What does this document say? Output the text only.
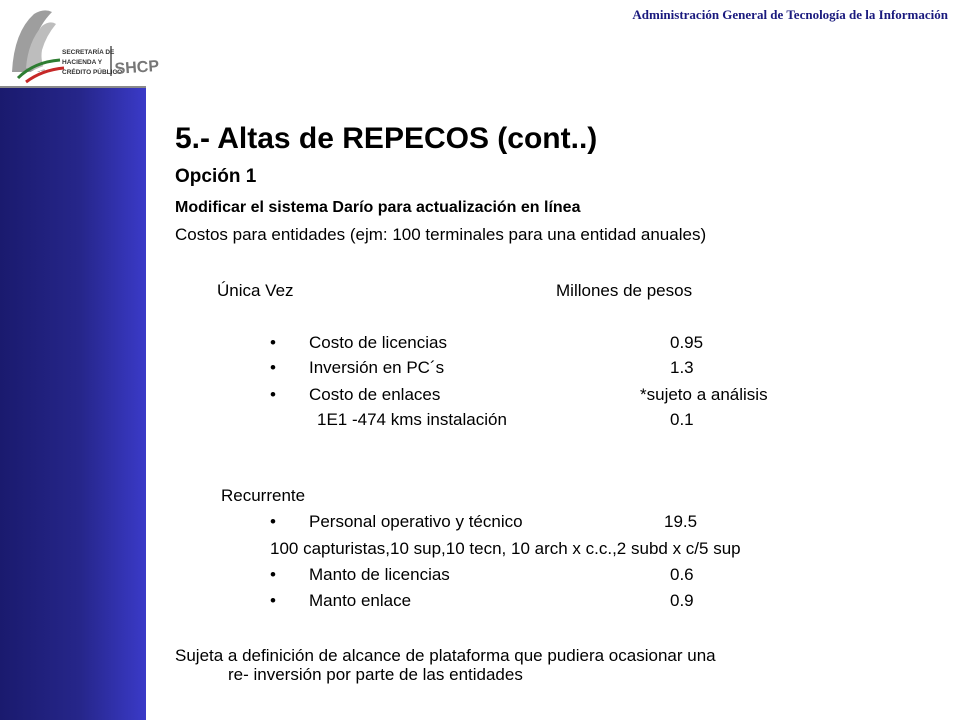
SECRETARÍA DE
HACIENDA Y
CRÉDITO PÚBLICO
SHCP
Administración General de Tecnología de la Información
5.- Altas de REPECOS (cont..)
Opción 1
Modificar el sistema Darío para actualización en línea
Costos para entidades (ejm: 100 terminales para una entidad anuales)
Única Vez	Millones de pesos
• Costo de licencias	0.95
• Inversión en PC´s	1.3
• Costo de enlaces	*sujeto a análisis
1E1 -474 kms instalación	0.1
Recurrente
• Personal operativo y técnico	19.5
100 capturistas,10 sup,10 tecn, 10 arch x c.c.,2 subd x c/5 sup
• Manto de licencias	0.6
• Manto enlace	0.9
Sujeta a definición de alcance de plataforma que pudiera ocasionar una
re- inversión por parte de las entidades
